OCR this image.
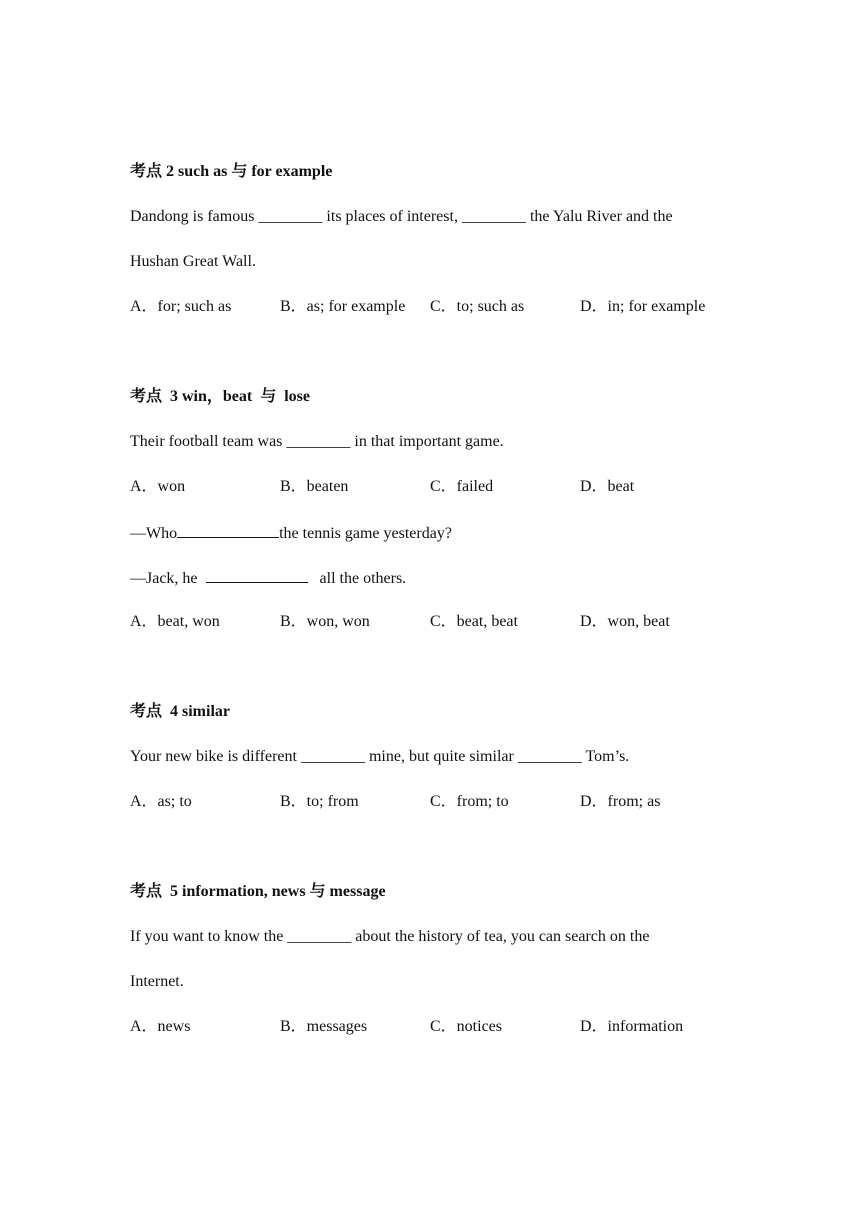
考点 2 such as 与 for example
Dandong is famous ________ its places of interest, ________ the Yalu River and the
Hushan Great Wall.
A．for; such as	B．as; for example	C．to; such as	D．in; for example
考点  3 win，beat  与  lose
Their football team was ________ in that important game.
A．won	B．beaten	C．failed	D．beat
—Who	the tennis game yesterday?
—Jack, he	all the others.
A．beat, won	B．won, won	C．beat, beat	D．won, beat
考点  4 similar
Your new bike is different ________ mine, but quite similar ________ Tom’s.
A．as; to	B．to; from	C．from; to	D．from; as
考点  5 information, news 与 message
If you want to know the ________ about the history of tea, you can search on the
Internet.
A．news	B．messages	C．notices	D．information
